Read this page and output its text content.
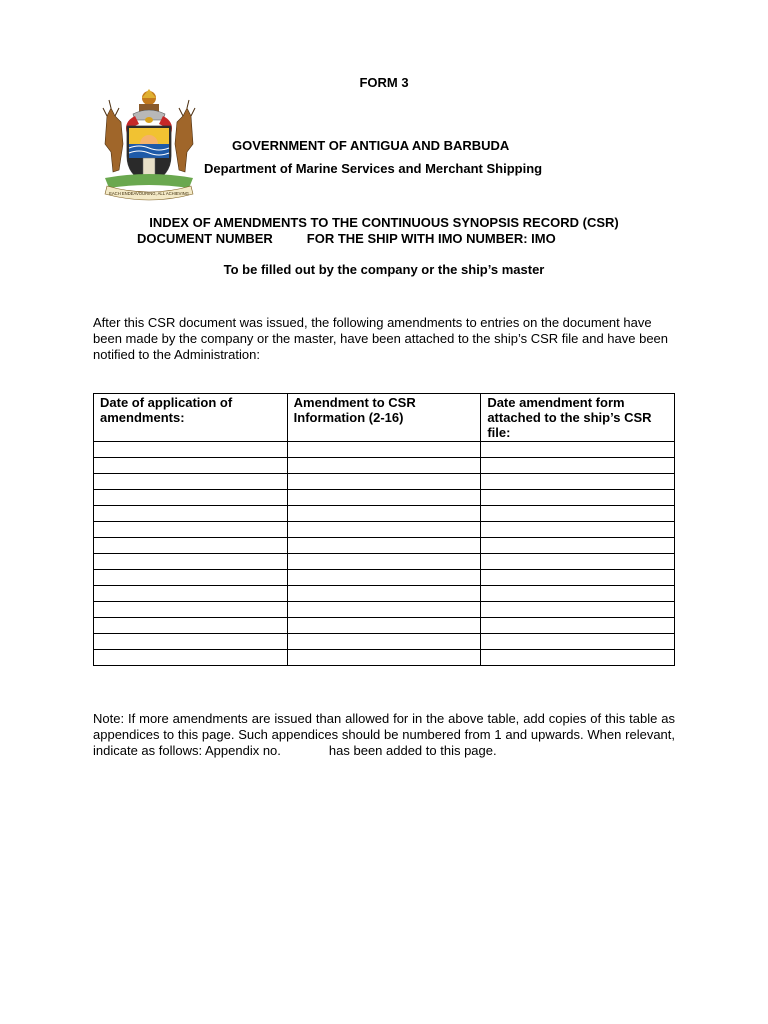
FORM 3
EACH ENDEAVOURING, ALL ACHIEVING
GOVERNMENT OF ANTIGUA AND BARBUDA
Department of Marine Services and Merchant Shipping
INDEX OF AMENDMENTS TO THE CONTINUOUS SYNOPSIS RECORD (CSR)
DOCUMENT NUMBER	FOR THE SHIP WITH IMO NUMBER: IMO
To be filled out by the company or the ship’s master
After this CSR document was issued, the following amendments to entries on the document have been made by the company or the master, have been attached to the ship’s CSR file and have been notified to the Administration:
Date of application of amendments:	Amendment to CSR Information (2-16)	Date amendment form attached to the ship’s CSR file:

Note: If more amendments are issued than allowed for in the above table, add copies of this table as appendices to this page. Such appendices should be numbered from 1 and upwards. When relevant, indicate as follows: Appendix no.	has been added to this page.
